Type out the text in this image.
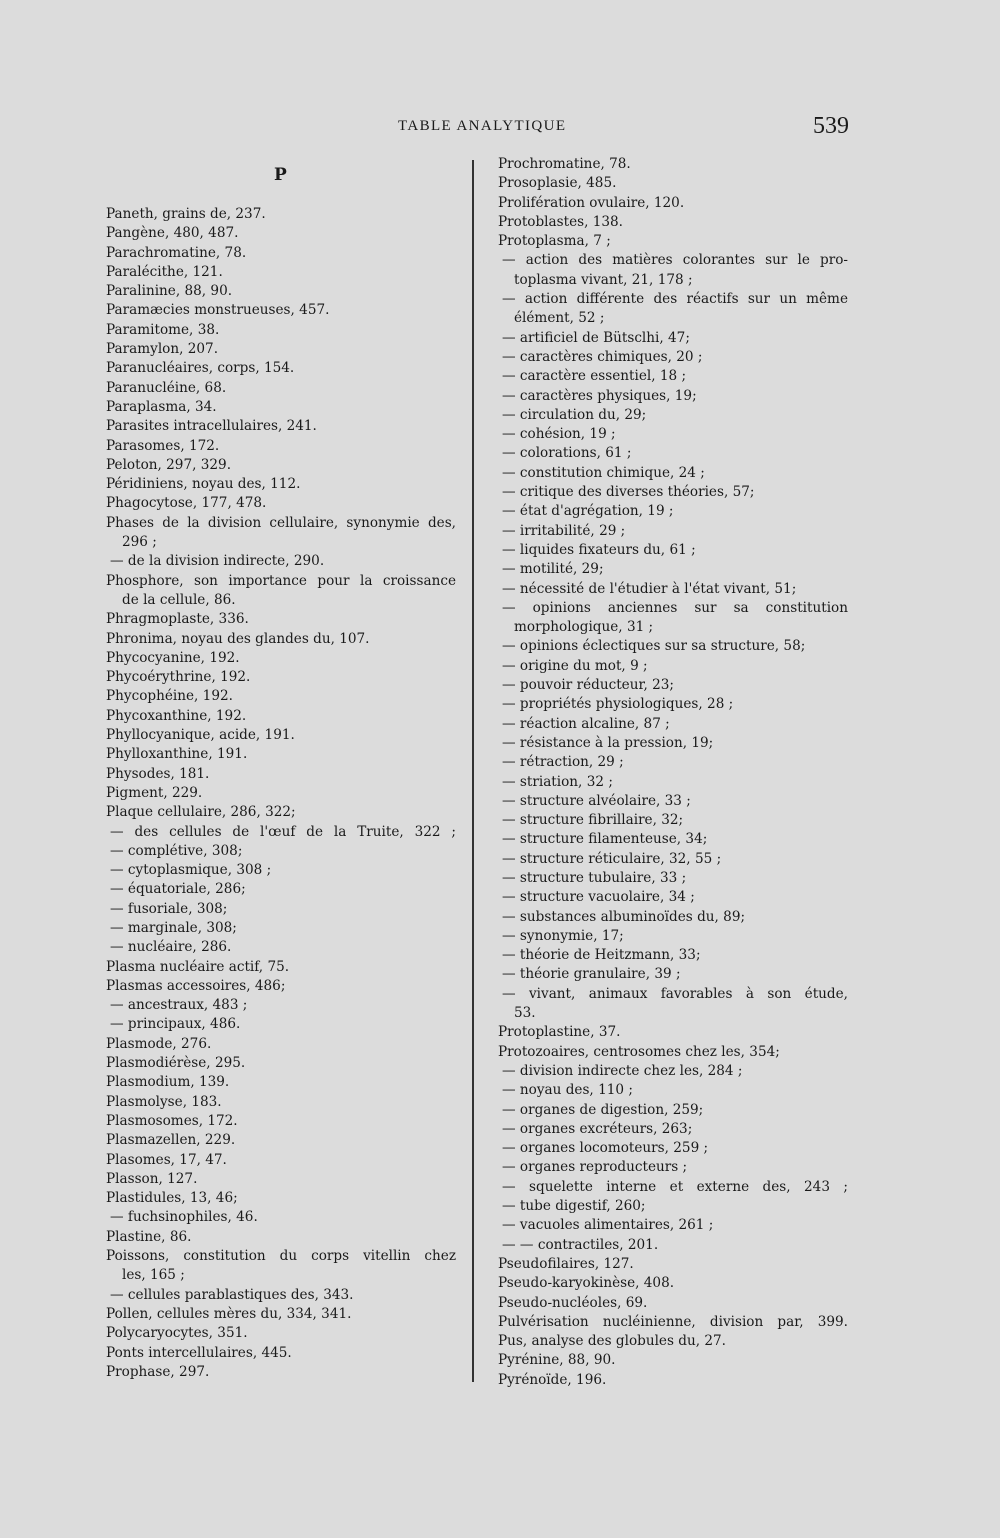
TABLE ANALYTIQUE	539
P
Paneth, grains de, 237.
Pangène, 480, 487.
Parachromatine, 78.
Paralécithe, 121.
Paralinine, 88, 90.
Paramæcies monstrueuses, 457.
Paramitome, 38.
Paramylon, 207.
Paranucléaires, corps, 154.
Paranucléine, 68.
Paraplasma, 34.
Parasites intracellulaires, 241.
Parasomes, 172.
Peloton, 297, 329.
Péridiniens, noyau des, 112.
Phagocytose, 177, 478.
Phases de la division cellulaire, synonymie des,
296 ;
— de la division indirecte, 290.
Phosphore, son importance pour la croissance
de la cellule, 86.
Phragmoplaste, 336.
Phronima, noyau des glandes du, 107.
Phycocyanine, 192.
Phycoérythrine, 192.
Phycophéine, 192.
Phycoxanthine, 192.
Phyllocyanique, acide, 191.
Phylloxanthine, 191.
Physodes, 181.
Pigment, 229.
Plaque cellulaire, 286, 322;
— des cellules de l'œuf de la Truite, 322 ;
— complétive, 308;
— cytoplasmique, 308 ;
— équatoriale, 286;
— fusoriale, 308;
— marginale, 308;
— nucléaire, 286.
Plasma nucléaire actif, 75.
Plasmas accessoires, 486;
— ancestraux, 483 ;
— principaux, 486.
Plasmode, 276.
Plasmodiérèse, 295.
Plasmodium, 139.
Plasmolyse, 183.
Plasmosomes, 172.
Plasmazellen, 229.
Plasomes, 17, 47.
Plasson, 127.
Plastidules, 13, 46;
— fuchsinophiles, 46.
Plastine, 86.
Poissons, constitution du corps vitellin chez
les, 165 ;
— cellules parablastiques des, 343.
Pollen, cellules mères du, 334, 341.
Polycaryocytes, 351.
Ponts intercellulaires, 445.
Prophase, 297.
Prochromatine, 78.
Prosoplasie, 485.
Prolifération ovulaire, 120.
Protoblastes, 138.
Protoplasma, 7 ;
— action des matières colorantes sur le pro-
toplasma vivant, 21, 178 ;
— action différente des réactifs sur un même
élément, 52 ;
— artificiel de Bütsclhi, 47;
— caractères chimiques, 20 ;
— caractère essentiel, 18 ;
— caractères physiques, 19;
— circulation du, 29;
— cohésion, 19 ;
— colorations, 61 ;
— constitution chimique, 24 ;
— critique des diverses théories, 57;
— état d'agrégation, 19 ;
— irritabilité, 29 ;
— liquides fixateurs du, 61 ;
— motilité, 29;
— nécessité de l'étudier à l'état vivant, 51;
— opinions anciennes sur sa constitution
morphologique, 31 ;
— opinions éclectiques sur sa structure, 58;
— origine du mot, 9 ;
— pouvoir réducteur, 23;
— propriétés physiologiques, 28 ;
— réaction alcaline, 87 ;
— résistance à la pression, 19;
— rétraction, 29 ;
— striation, 32 ;
— structure alvéolaire, 33 ;
— structure fibrillaire, 32;
— structure filamenteuse, 34;
— structure réticulaire, 32, 55 ;
— structure tubulaire, 33 ;
— structure vacuolaire, 34 ;
— substances albuminoïdes du, 89;
— synonymie, 17;
— théorie de Heitzmann, 33;
— théorie granulaire, 39 ;
— vivant, animaux favorables à son étude,
53.
Protoplastine, 37.
Protozoaires, centrosomes chez les, 354;
— division indirecte chez les, 284 ;
— noyau des, 110 ;
— organes de digestion, 259;
— organes excréteurs, 263;
— organes locomoteurs, 259 ;
— organes reproducteurs ;
— squelette interne et externe des, 243 ;
— tube digestif, 260;
— vacuoles alimentaires, 261 ;
— — contractiles, 201.
Pseudofilaires, 127.
Pseudo-karyokinèse, 408.
Pseudo-nucléoles, 69.
Pulvérisation nucléinienne, division par, 399.
Pus, analyse des globules du, 27.
Pyrénine, 88, 90.
Pyrénoïde, 196.
